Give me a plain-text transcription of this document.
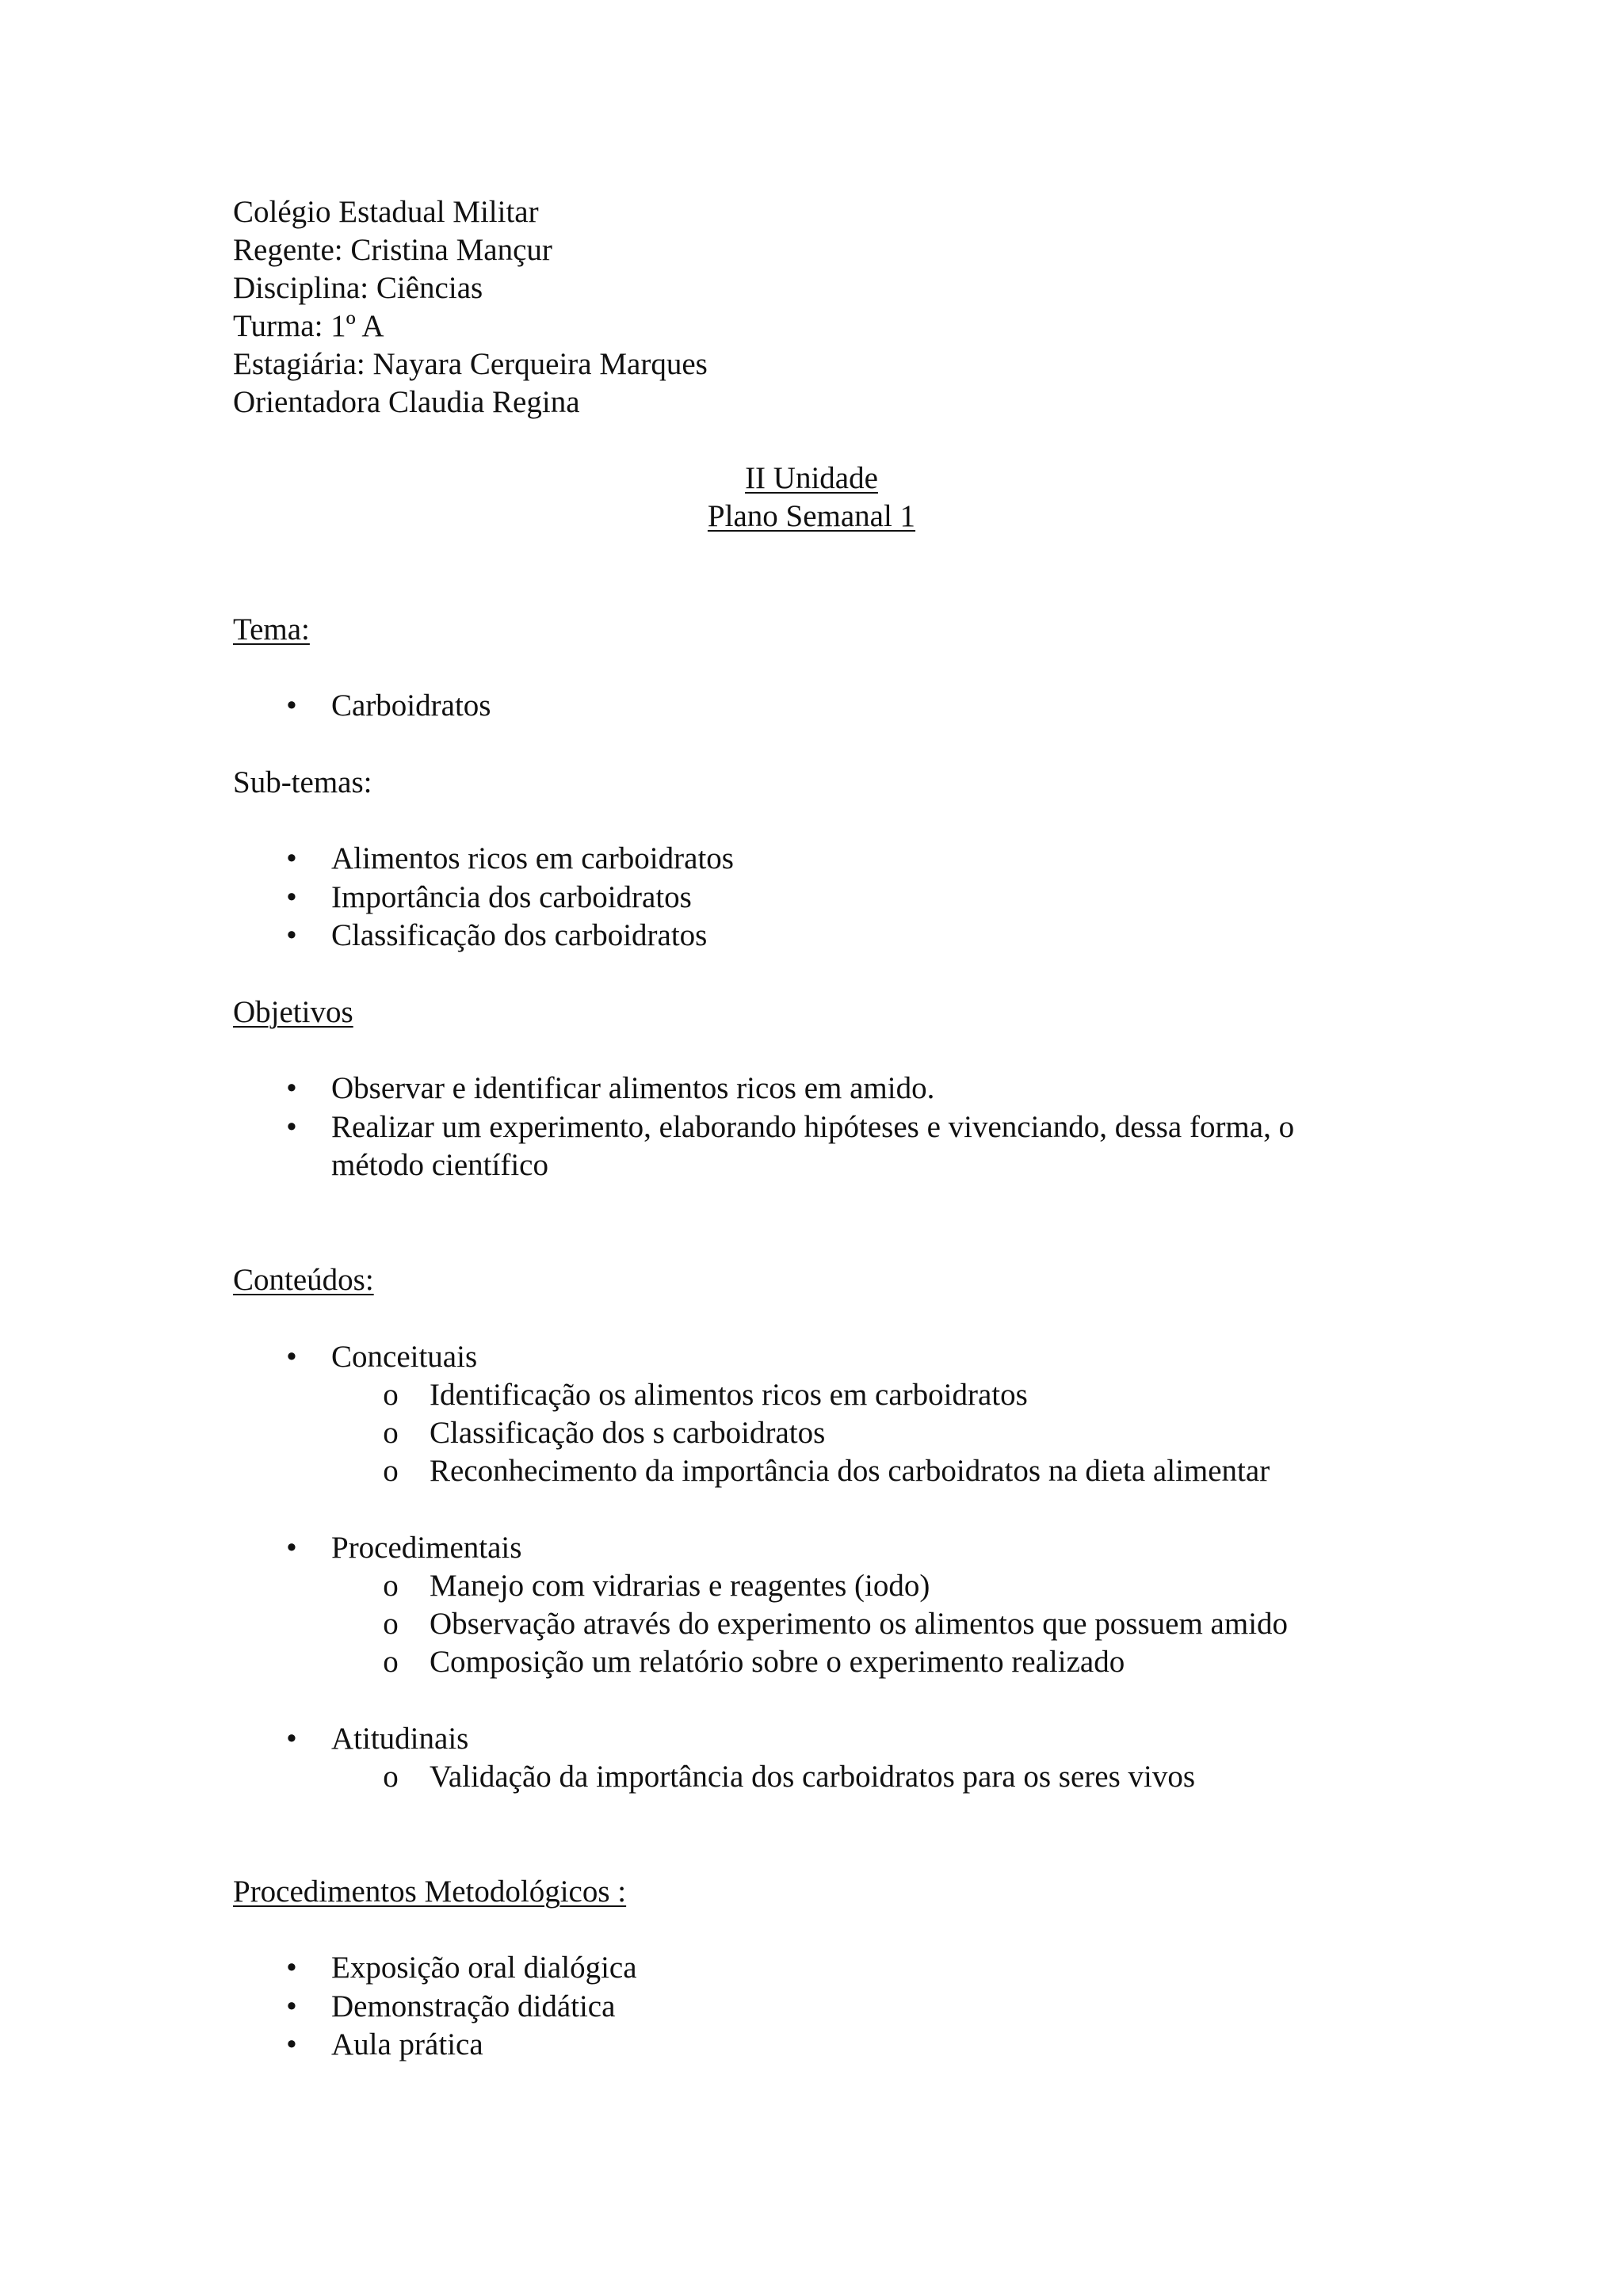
Colégio Estadual Militar
Regente: Cristina Mançur
Disciplina: Ciências
Turma: 1º A
Estagiária: Nayara Cerqueira Marques
Orientadora Claudia Regina
II Unidade
Plano Semanal 1
Tema:
• Carboidratos
Sub-temas:
• Alimentos ricos em carboidratos
• Importância dos carboidratos
• Classificação dos carboidratos
Objetivos
• Observar e identificar alimentos ricos em amido.
• Realizar um experimento, elaborando hipóteses e vivenciando, dessa forma, o
método científico
Conteúdos:
• Conceituais
o Identificação os alimentos ricos em carboidratos
o Classificação dos s carboidratos
o Reconhecimento da importância dos carboidratos na dieta alimentar
• Procedimentais
o Manejo com vidrarias e reagentes (iodo)
o Observação através do experimento os alimentos que possuem amido
o Composição um relatório sobre o experimento realizado
• Atitudinais
o Validação da importância dos carboidratos para os seres vivos
Procedimentos Metodológicos :
• Exposição oral dialógica
• Demonstração didática
• Aula prática
